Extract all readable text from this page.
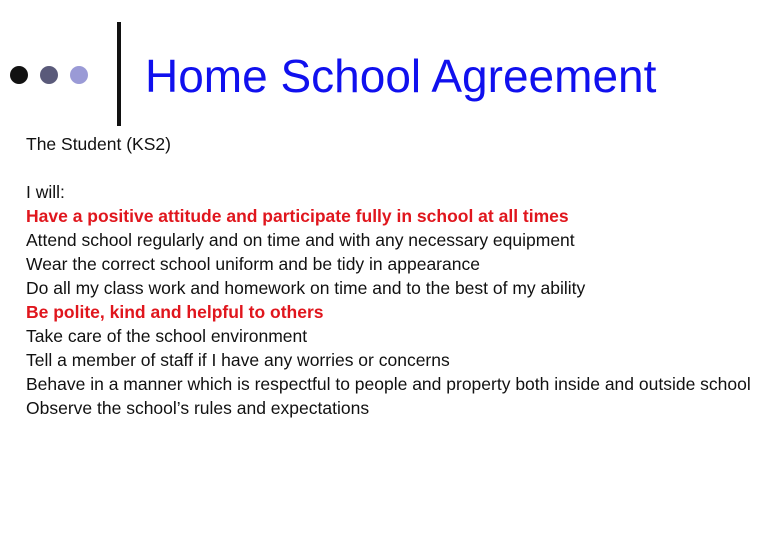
Home School Agreement

The Student (KS2)

I will:

Have a positive attitude and participate fully in school at all times
Attend school regularly and on time and with any necessary equipment
Wear the correct school uniform and be tidy in appearance
Do all my class work and homework on time and to the best of my ability
Be polite, kind and helpful to others
Take care of the school environment
Tell a member of staff if I have any worries or concerns
Behave in a manner which is respectful to people and property both inside and outside school
Observe the school’s rules and expectations
